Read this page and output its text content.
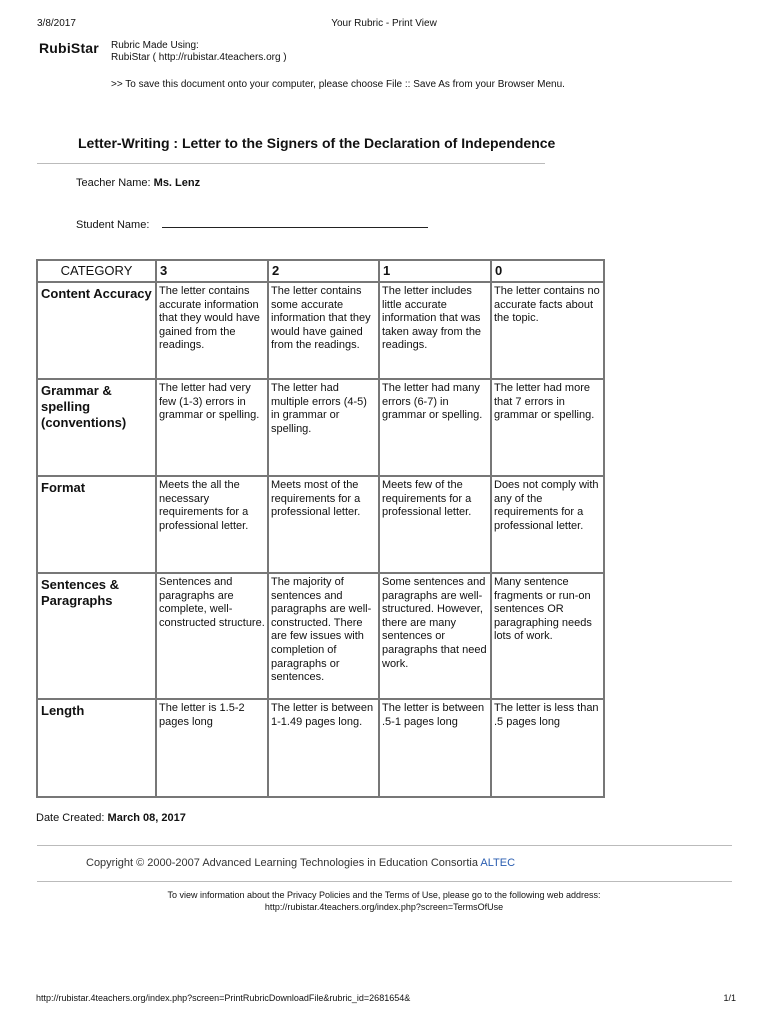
3/8/2017	Your Rubric - Print View
RubiStar Rubric Made Using:
RubiStar ( http://rubistar.4teachers.org )
>> To save this document onto your computer, please choose File :: Save As from your Browser Menu.
Letter-Writing : Letter to the Signers of the Declaration of Independence
Teacher Name: Ms. Lenz
Student Name:
CATEGORY	3	2	1	0
Content Accuracy	The letter contains accurate information that they would have gained from the readings.	The letter contains some accurate information that they would have gained from the readings.	The letter includes little accurate information that was taken away from the readings.	The letter contains no accurate facts about the topic.
Grammar & spelling (conventions)	The letter had very few (1-3) errors in grammar or spelling.	The letter had multiple errors (4-5) in grammar or spelling.	The letter had many errors (6-7) in grammar or spelling.	The letter had more that 7 errors in grammar or spelling.
Format	Meets the all the necessary requirements for a professional letter.	Meets most of the requirements for a professional letter.	Meets few of the requirements for a professional letter.	Does not comply with any of the requirements for a professional letter.
Sentences & Paragraphs	Sentences and paragraphs are complete, well-constructed structure.	The majority of sentences and paragraphs are well-constructed. There are few issues with completion of paragraphs or sentences.	Some sentences and paragraphs are well-structured. However, there are many sentences or paragraphs that need work.	Many sentence fragments or run-on sentences OR paragraphing needs lots of work.
Length	The letter is 1.5-2 pages long	The letter is between 1-1.49 pages long.	The letter is between .5-1 pages long	The letter is less than .5 pages long
Date Created: March 08, 2017
Copyright © 2000-2007 Advanced Learning Technologies in Education Consortia ALTEC
To view information about the Privacy Policies and the Terms of Use, please go to the following web address:
http://rubistar.4teachers.org/index.php?screen=TermsOfUse
http://rubistar.4teachers.org/index.php?screen=PrintRubricDownloadFile&rubric_id=2681654&	1/1
